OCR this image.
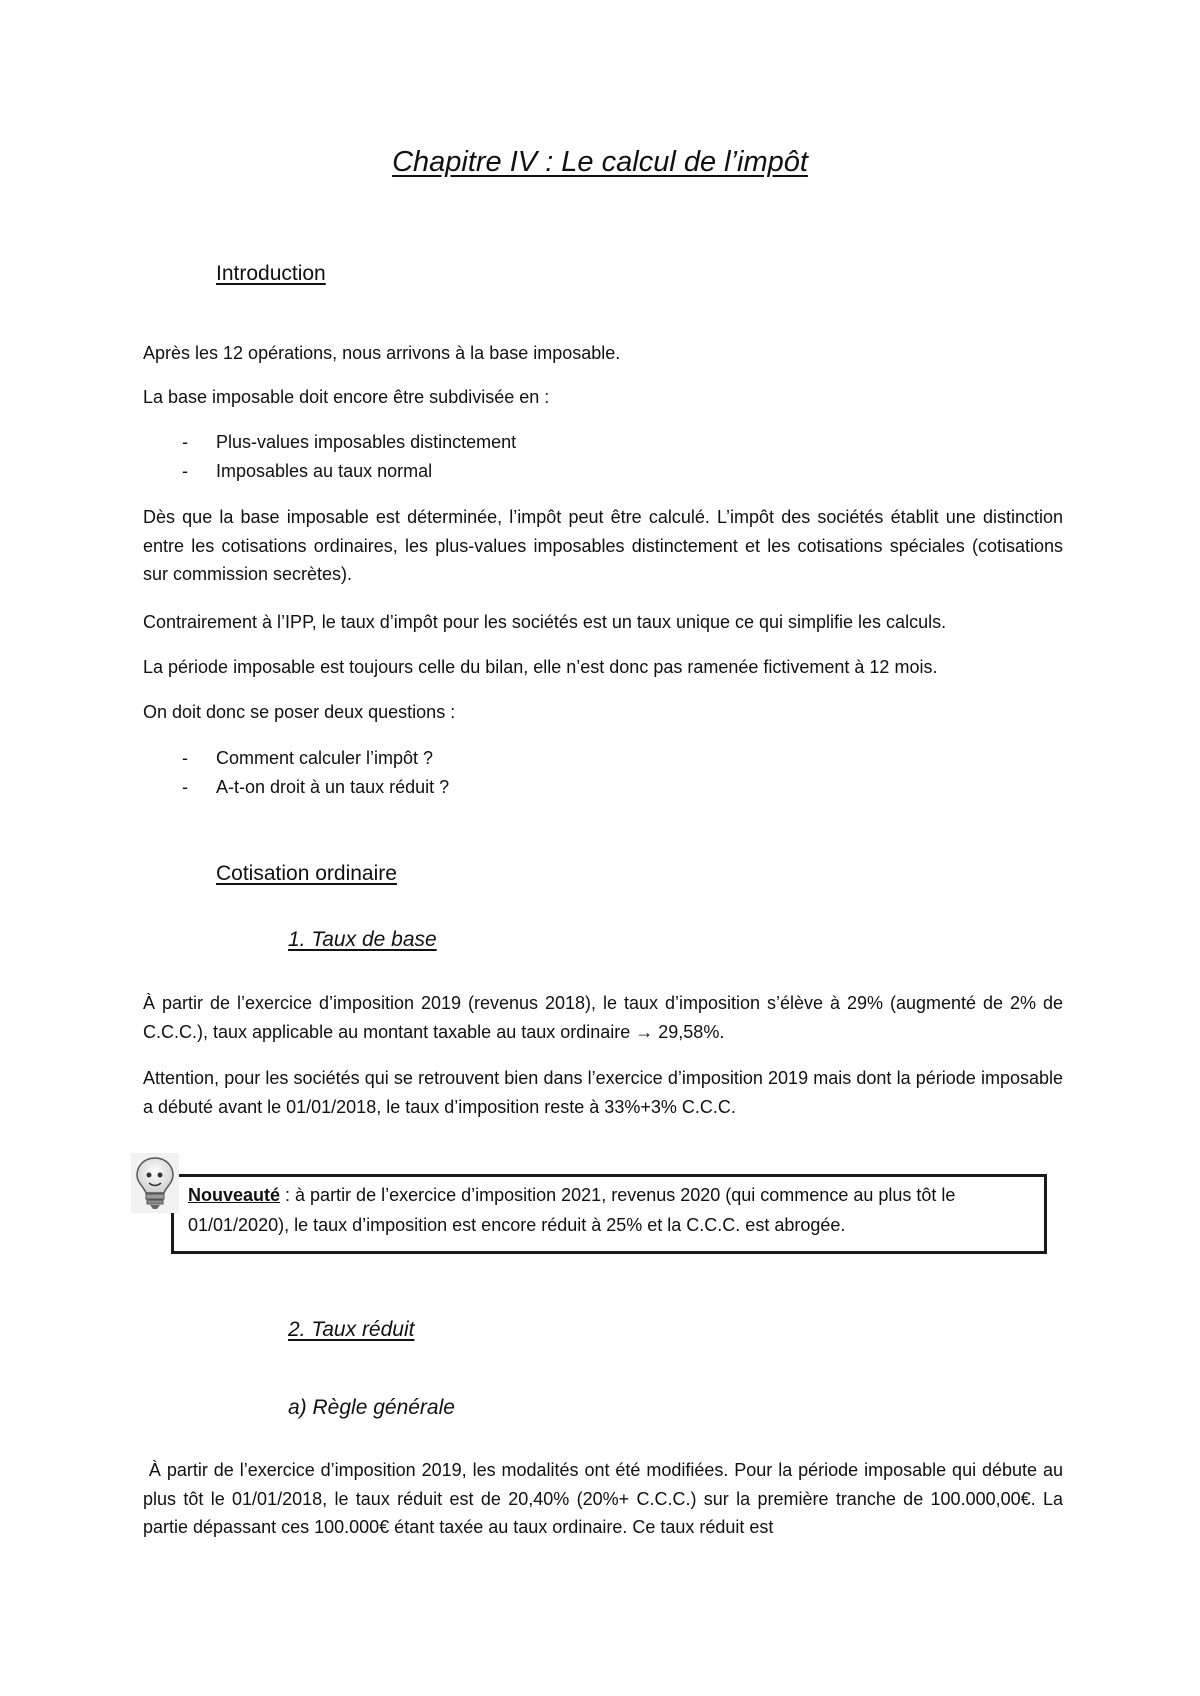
Chapitre IV : Le calcul de l’impôt
Introduction

Après les 12 opérations, nous arrivons à la base imposable.

La base imposable doit encore être subdivisée en :

- Plus-values imposables distinctement
- Imposables au taux normal

Dès que la base imposable est déterminée, l’impôt peut être calculé. L’impôt des sociétés établit une distinction entre les cotisations ordinaires, les plus-values imposables distinctement et les cotisations spéciales (cotisations sur commission secrètes).

Contrairement à l’IPP, le taux d’impôt pour les sociétés est un taux unique ce qui simplifie les calculs.

La période imposable est toujours celle du bilan, elle n’est donc pas ramenée fictivement à 12 mois.

On doit donc se poser deux questions :

- Comment calculer l’impôt ?
- A-t-on droit à un taux réduit ?
Cotisation ordinaire
1. Taux de base

À partir de l’exercice d’imposition 2019 (revenus 2018), le taux d’imposition s’élève à 29% (augmenté de 2% de C.C.C.), taux applicable au montant taxable au taux ordinaire → 29,58%.

Attention, pour les sociétés qui se retrouvent bien dans l’exercice d’imposition 2019 mais dont la période imposable a débuté avant le 01/01/2018, le taux d’imposition reste à 33%+3% C.C.C.

Nouveauté : à partir de l’exercice d’imposition 2021, revenus 2020 (qui commence au plus tôt le 01/01/2020), le taux d’imposition est encore réduit à 25% et la C.C.C. est abrogée.
2. Taux réduit
a) Règle générale

À partir de l’exercice d’imposition 2019, les modalités ont été modifiées. Pour la période imposable qui débute au plus tôt le 01/01/2018, le taux réduit est de 20,40% (20%+ C.C.C.) sur la première tranche de 100.000,00€. La partie dépassant ces 100.000€ étant taxée au taux ordinaire. Ce taux réduit est
